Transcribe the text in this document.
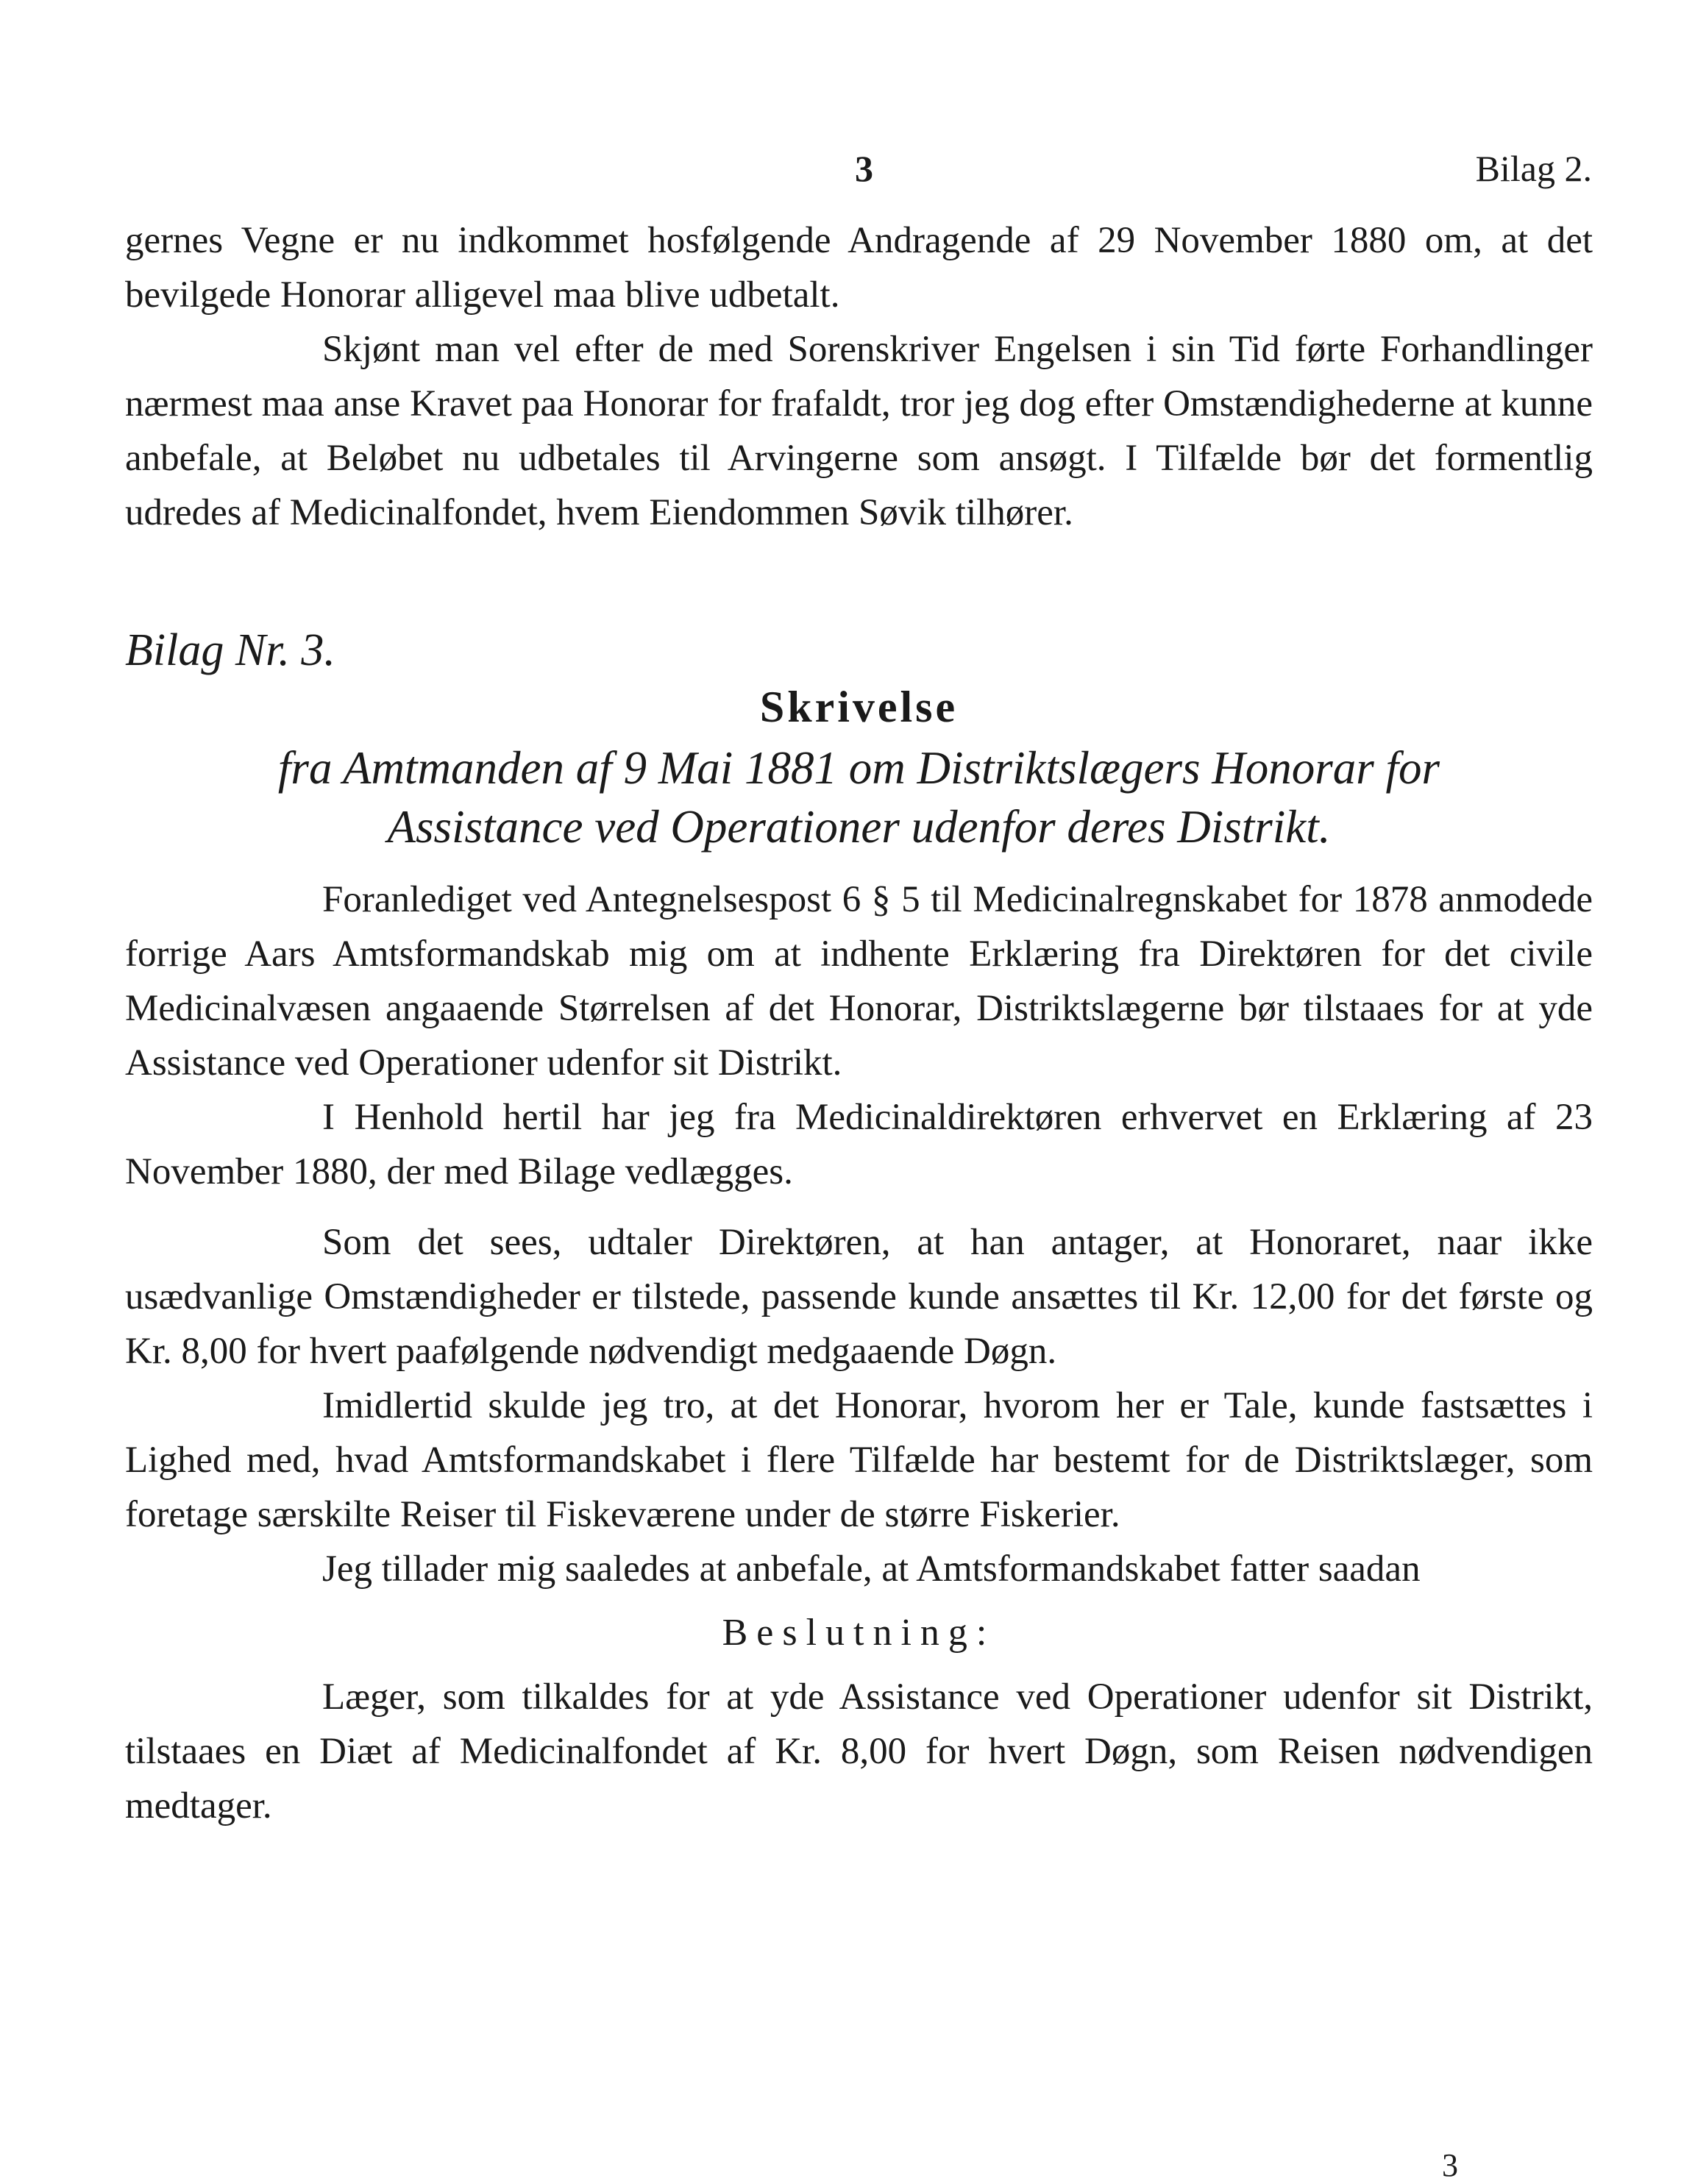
3	Bilag 2.

gernes Vegne er nu indkommet hosfølgende Andragende af 29 November 1880 om, at det bevilgede Honorar alligevel maa blive udbetalt.

Skjønt man vel efter de med Sorenskriver Engelsen i sin Tid førte Forhandlinger nærmest maa anse Kravet paa Honorar for frafaldt, tror jeg dog efter Omstændighederne at kunne anbefale, at Beløbet nu udbetales til Arvingerne som ansøgt. I Tilfælde bør det formentlig udredes af Medicinalfondet, hvem Eiendommen Søvik tilhører.

Bilag Nr. 3.
Skrivelse
fra Amtmanden af 9 Mai 1881 om Distriktslægers Honorar for
Assistance ved Operationer udenfor deres Distrikt.

Foranlediget ved Antegnelsespost 6 § 5 til Medicinalregnskabet for 1878 anmodede forrige Aars Amtsformandskab mig om at indhente Erklæring fra Direktøren for det civile Medicinalvæsen angaaende Størrelsen af det Honorar, Distriktslægerne bør tilstaaes for at yde Assistance ved Operationer udenfor sit Distrikt.

I Henhold hertil har jeg fra Medicinaldirektøren erhvervet en Erklæring af 23 November 1880, der med Bilage vedlægges.

Som det sees, udtaler Direktøren, at han antager, at Honoraret, naar ikke usædvanlige Omstændigheder er tilstede, passende kunde ansættes til Kr. 12,00 for det første og Kr. 8,00 for hvert paafølgende nødvendigt medgaaende Døgn.

Imidlertid skulde jeg tro, at det Honorar, hvorom her er Tale, kunde fastsættes i Lighed med, hvad Amtsformandskabet i flere Tilfælde har bestemt for de Distriktslæger, som foretage særskilte Reiser til Fiskeværene under de større Fiskerier.

Jeg tillader mig saaledes at anbefale, at Amtsformandskabet fatter saadan

Beslutning:

Læger, som tilkaldes for at yde Assistance ved Operationer udenfor sit Distrikt, tilstaaes en Diæt af Medicinalfondet af Kr. 8,00 for hvert Døgn, som Reisen nødvendigen medtager.

3
